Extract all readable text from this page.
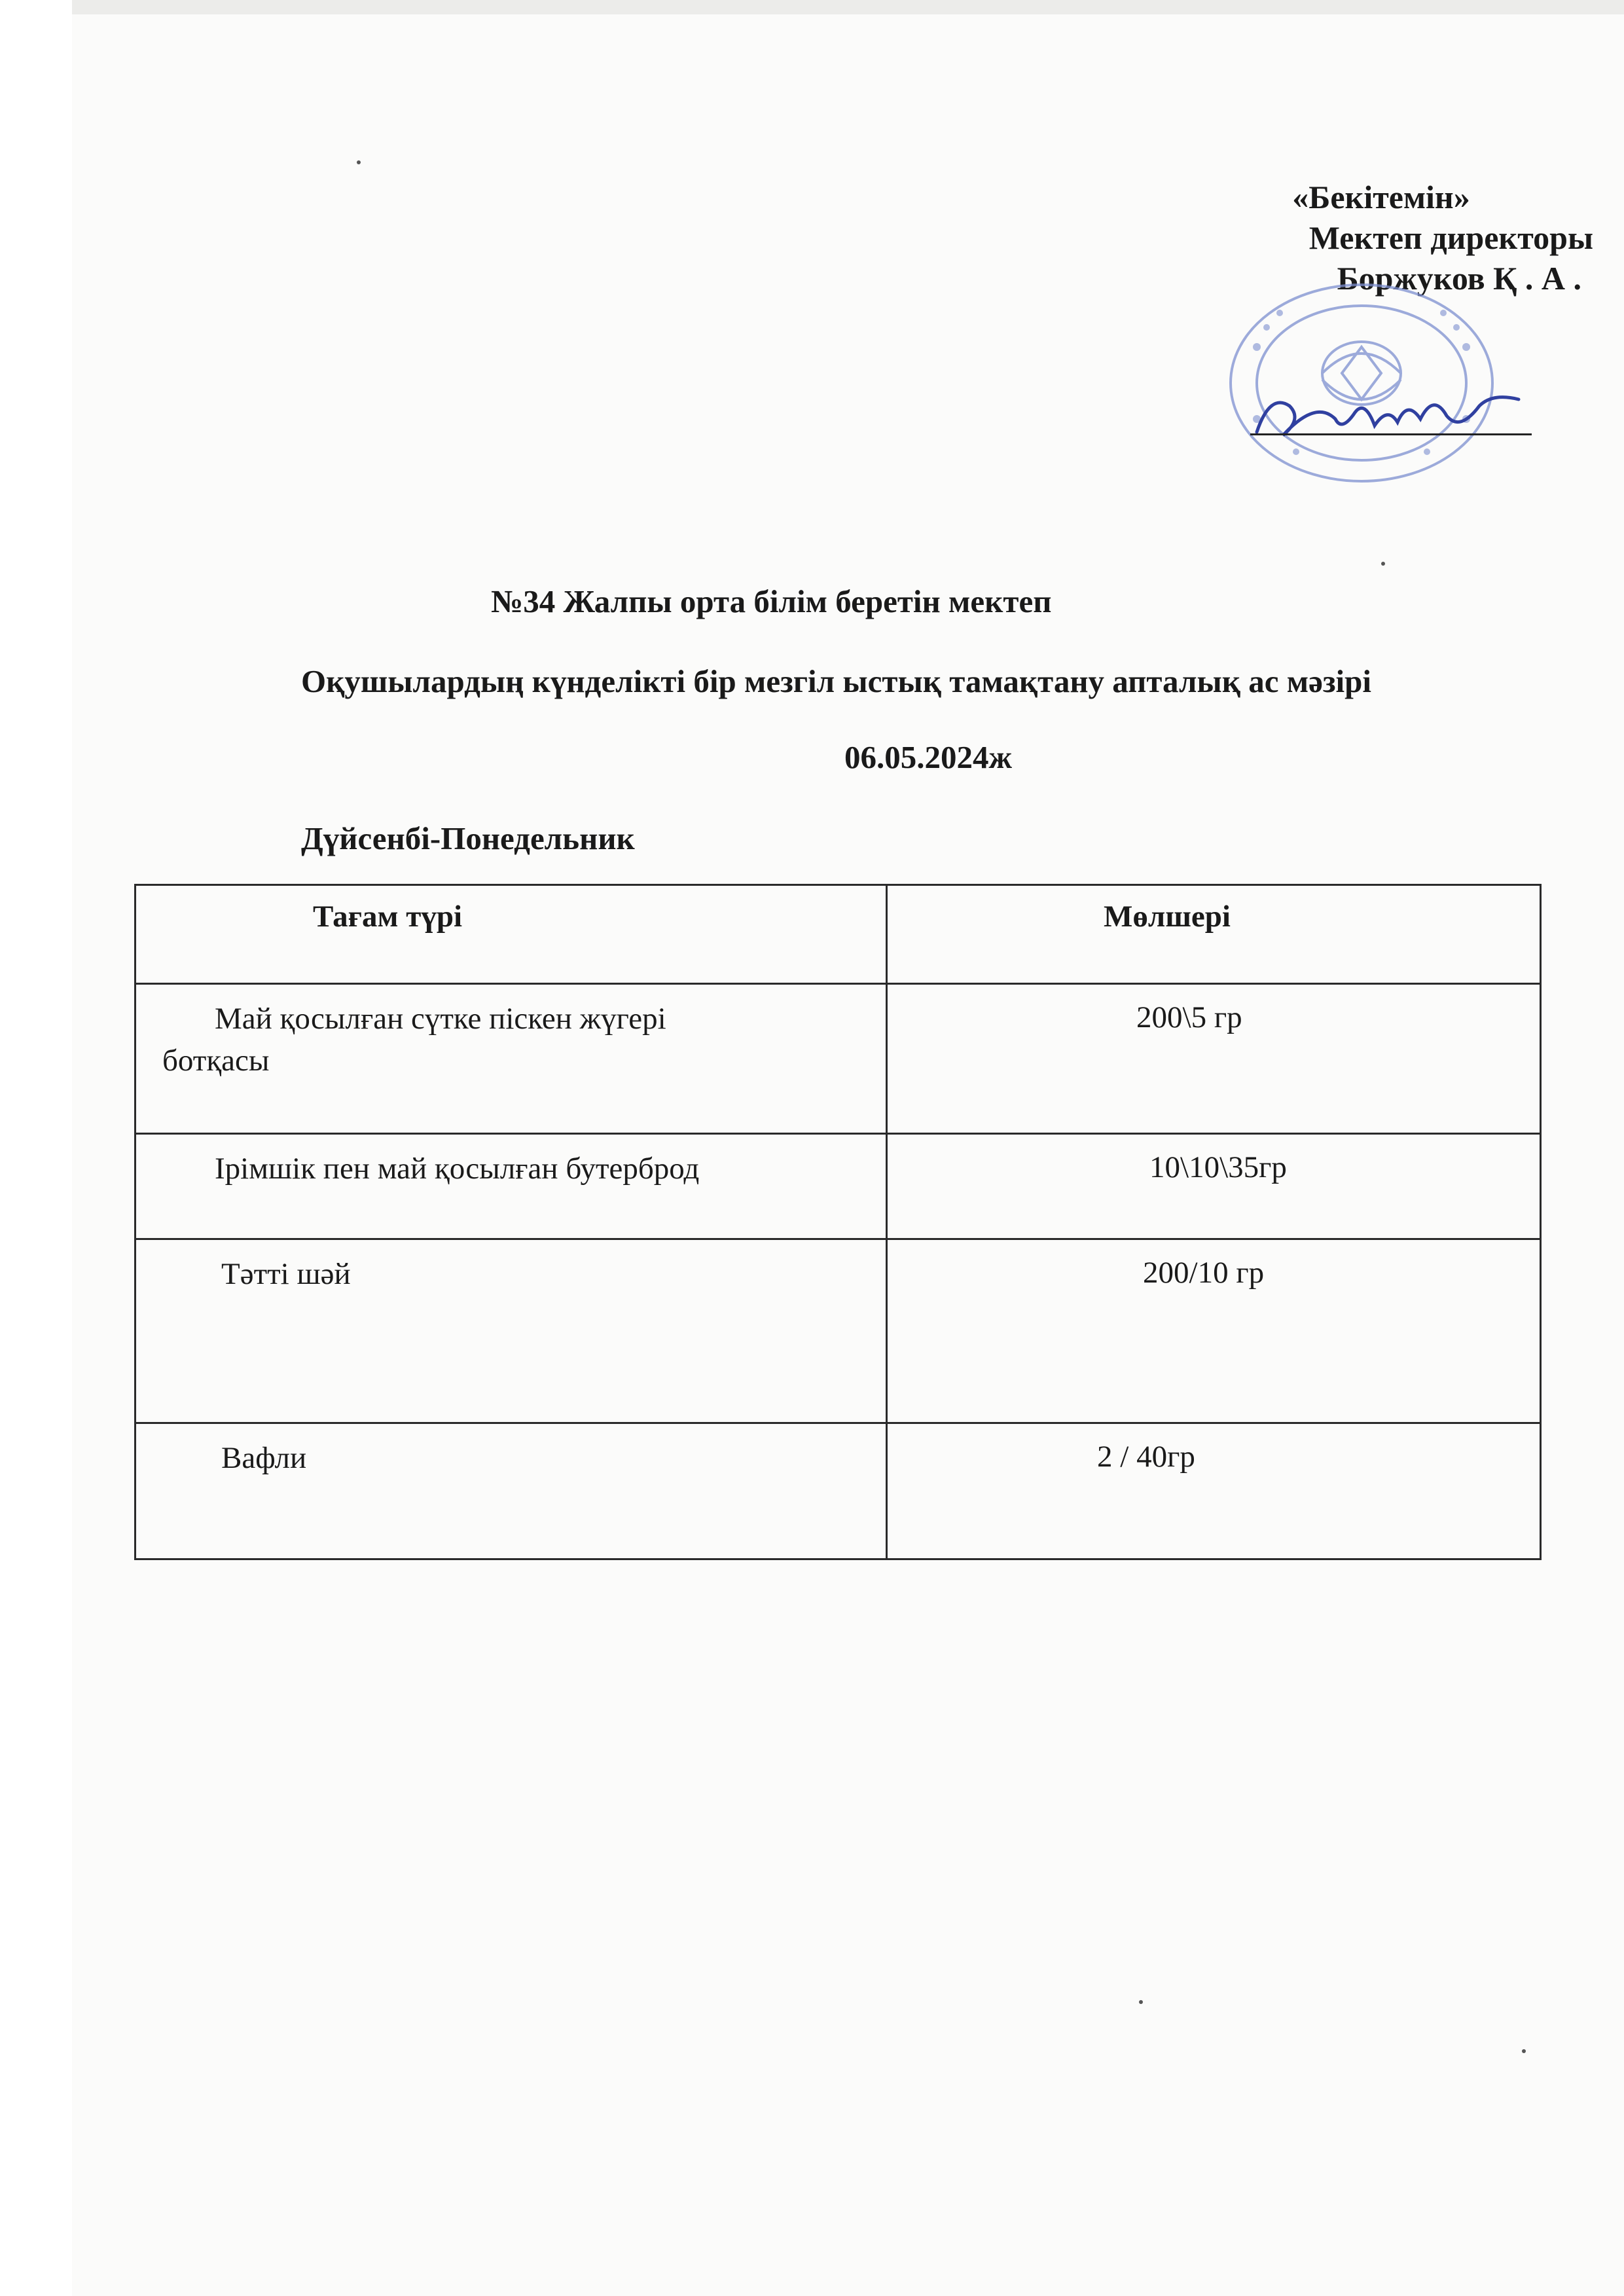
«Бекітемін»
Мектеп директоры
Боржуков Қ . А .
№34 Жалпы орта білім беретін мектеп
Оқушылардың күнделікті бір мезгіл ыстық тамақтану апталық ас мәзірі
06.05.2024ж
Дүйсенбі-Понедельник
Тағам түрі	Мөлшері
Май қосылған сүтке піскен жүгері
ботқасы	200\5 гр
Ірімшік пен май қосылған бутерброд	10\10\35гр
Тәтті шәй	200/10 гр
Вафли	2 / 40гр
